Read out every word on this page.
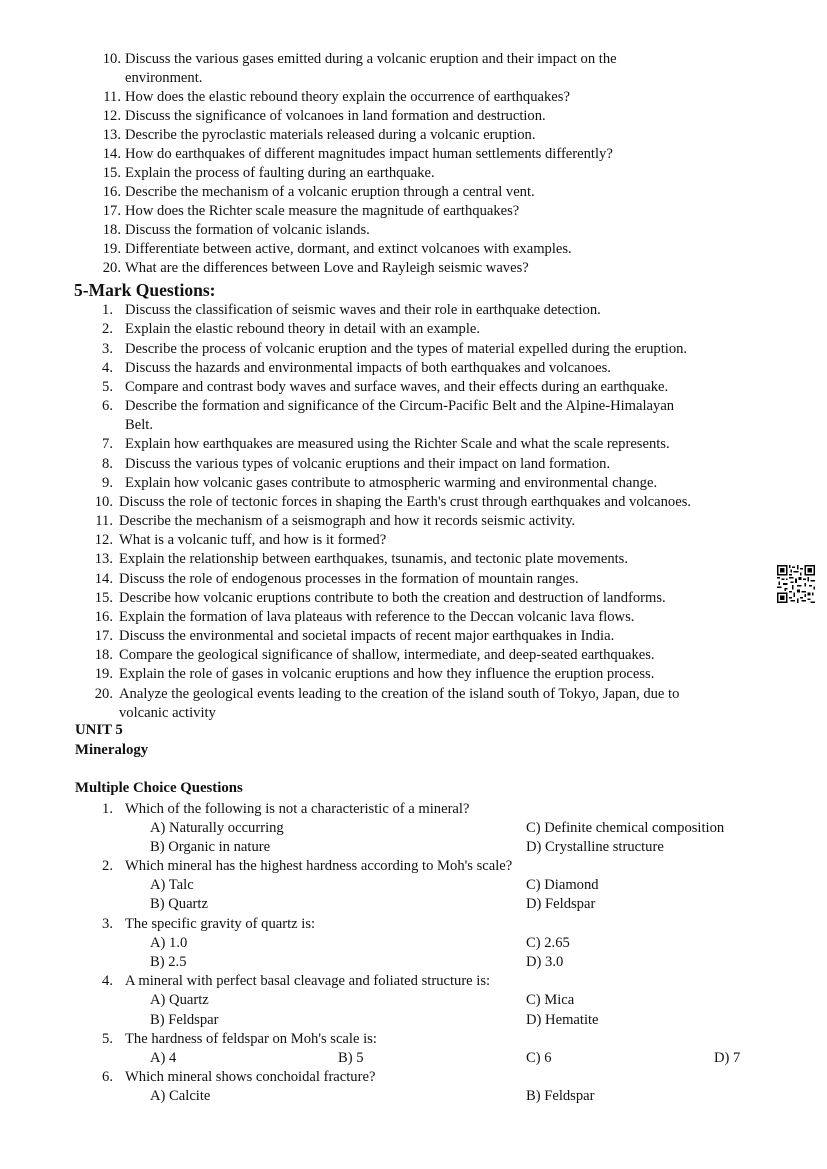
10. Discuss the various gases emitted during a volcanic eruption and their impact on the
environment.
11. How does the elastic rebound theory explain the occurrence of earthquakes?
12. Discuss the significance of volcanoes in land formation and destruction.
13. Describe the pyroclastic materials released during a volcanic eruption.
14. How do earthquakes of different magnitudes impact human settlements differently?
15. Explain the process of faulting during an earthquake.
16. Describe the mechanism of a volcanic eruption through a central vent.
17. How does the Richter scale measure the magnitude of earthquakes?
18. Discuss the formation of volcanic islands.
19. Differentiate between active, dormant, and extinct volcanoes with examples.
20. What are the differences between Love and Rayleigh seismic waves?
5-Mark Questions:
1. Discuss the classification of seismic waves and their role in earthquake detection.
2. Explain the elastic rebound theory in detail with an example.
3. Describe the process of volcanic eruption and the types of material expelled during the eruption.
4. Discuss the hazards and environmental impacts of both earthquakes and volcanoes.
5. Compare and contrast body waves and surface waves, and their effects during an earthquake.
6. Describe the formation and significance of the Circum-Pacific Belt and the Alpine-Himalayan
Belt.
7. Explain how earthquakes are measured using the Richter Scale and what the scale represents.
8. Discuss the various types of volcanic eruptions and their impact on land formation.
9. Explain how volcanic gases contribute to atmospheric warming and environmental change.
10. Discuss the role of tectonic forces in shaping the Earth's crust through earthquakes and volcanoes.
11. Describe the mechanism of a seismograph and how it records seismic activity.
12. What is a volcanic tuff, and how is it formed?
13. Explain the relationship between earthquakes, tsunamis, and tectonic plate movements.
14. Discuss the role of endogenous processes in the formation of mountain ranges.
15. Describe how volcanic eruptions contribute to both the creation and destruction of landforms.
16. Explain the formation of lava plateaus with reference to the Deccan volcanic lava flows.
17. Discuss the environmental and societal impacts of recent major earthquakes in India.
18. Compare the geological significance of shallow, intermediate, and deep-seated earthquakes.
19. Explain the role of gases in volcanic eruptions and how they influence the eruption process.
20. Analyze the geological events leading to the creation of the island south of Tokyo, Japan, due to
volcanic activity
UNIT 5
Mineralogy
Multiple Choice Questions
1. Which of the following is not a characteristic of a mineral?
A) Naturally occurring	C) Definite chemical composition
B) Organic in nature	D) Crystalline structure
2. Which mineral has the highest hardness according to Moh's scale?
A) Talc	C) Diamond
B) Quartz	D) Feldspar
3. The specific gravity of quartz is:
A) 1.0	C) 2.65
B) 2.5	D) 3.0
4. A mineral with perfect basal cleavage and foliated structure is:
A) Quartz	C) Mica
B) Feldspar	D) Hematite
5. The hardness of feldspar on Moh's scale is:
A) 4	B) 5	C) 6	D) 7
6. Which mineral shows conchoidal fracture?
A) Calcite	B) Feldspar
